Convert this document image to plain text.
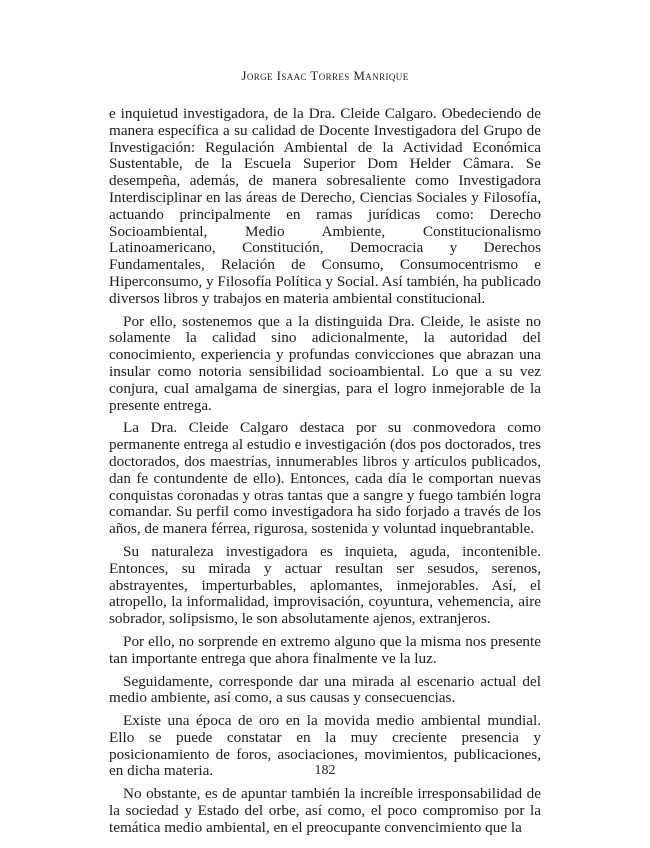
Jorge Isaac Torres Manrique

e inquietud investigadora, de la Dra. Cleide Calgaro. Obedeciendo de manera específica a su calidad de Docente Investigadora del Grupo de Investigación: Regulación Ambiental de la Actividad Económica Sustentable, de la Escuela Superior Dom Helder Câmara. Se desempeña, además, de manera sobresaliente como Investigadora Interdisciplinar en las áreas de Derecho, Ciencias Sociales y Filosofía, actuando principalmente en ramas jurídicas como: Derecho Socioambiental, Medio Ambiente, Constitucionalismo Latinoamericano, Constitución, Democracia y Derechos Fundamentales, Relación de Consumo, Consumocentrismo e Hiperconsumo, y Filosofía Política y Social. Así también, ha publicado diversos libros y trabajos en materia ambiental constitucional.

Por ello, sostenemos que a la distinguida Dra. Cleide, le asiste no solamente la calidad sino adicionalmente, la autoridad del conocimiento, experiencia y profundas convicciones que abrazan una insular como notoria sensibilidad socioambiental. Lo que a su vez conjura, cual amalgama de sinergias, para el logro inmejorable de la presente entrega.

La Dra. Cleide Calgaro destaca por su conmovedora como permanente entrega al estudio e investigación (dos pos doctorados, tres doctorados, dos maestrías, innumerables libros y artículos publicados, dan fe contundente de ello). Entonces, cada día le comportan nuevas conquistas coronadas y otras tantas que a sangre y fuego también logra comandar. Su perfil como investigadora ha sido forjado a través de los años, de manera férrea, rigurosa, sostenida y voluntad inquebrantable.

Su naturaleza investigadora es inquieta, aguda, incontenible. Entonces, su mirada y actuar resultan ser sesudos, serenos, abstrayentes, imperturbables, aplomantes, inmejorables. Así, el atropello, la informalidad, improvisación, coyuntura, vehemencia, aire sobrador, solipsismo, le son absolutamente ajenos, extranjeros.

Por ello, no sorprende en extremo alguno que la misma nos presente tan importante entrega que ahora finalmente ve la luz.

Seguidamente, corresponde dar una mirada al escenario actual del medio ambiente, así como, a sus causas y consecuencias.

Existe una época de oro en la movida medio ambiental mundial. Ello se puede constatar en la muy creciente presencia y posicionamiento de foros, asociaciones, movimientos, publicaciones, en dicha materia.

No obstante, es de apuntar también la increíble irresponsabilidad de la sociedad y Estado del orbe, así como, el poco compromiso por la temática medio ambiental, en el preocupante convencimiento que la

182
